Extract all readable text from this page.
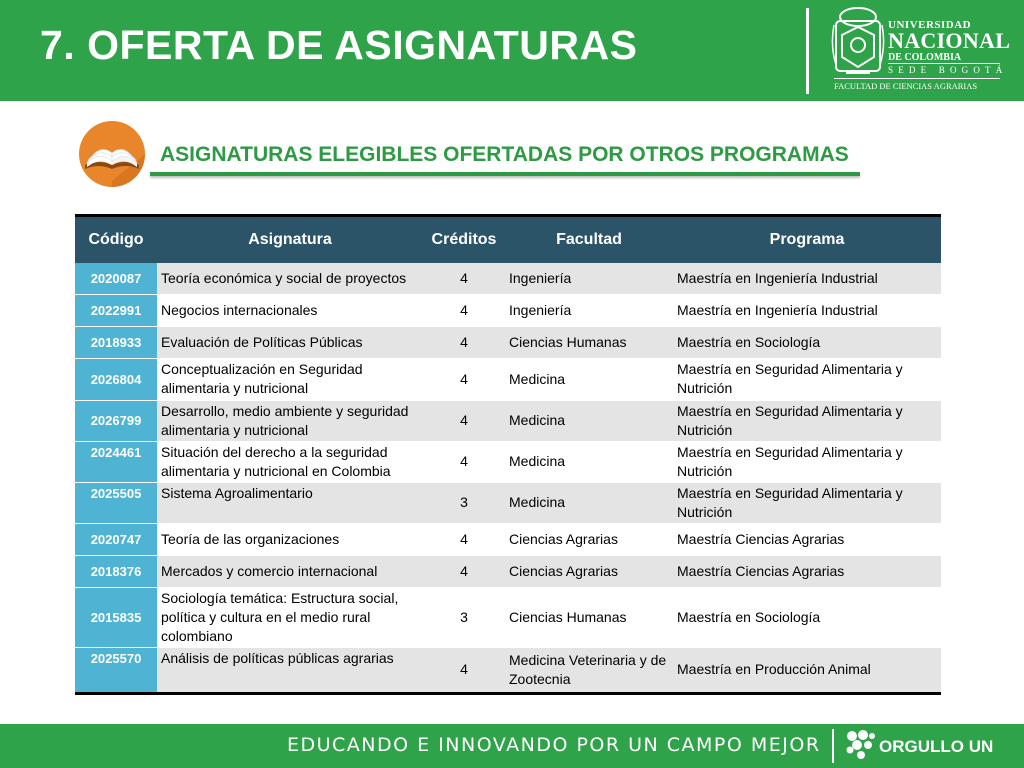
7. OFERTA DE ASIGNATURAS	UNIVERSIDAD
NACIONAL
DE COLOMBIA
SEDE BOGOTÁ
FACULTAD DE CIENCIAS AGRARIAS
ASIGNATURAS ELEGIBLES OFERTADAS POR OTROS PROGRAMAS
Código	Asignatura	Créditos	Facultad	Programa
2020087	Teoría económica y social de proyectos	4	Ingeniería	Maestría en Ingeniería Industrial
2022991	Negocios internacionales	4	Ingeniería	Maestría en Ingeniería Industrial
2018933	Evaluación de Políticas Públicas	4	Ciencias Humanas	Maestría en Sociología
2026804	Conceptualización en Seguridad alimentaria y nutricional	4	Medicina	Maestría en Seguridad Alimentaria y Nutrición
2026799	Desarrollo, medio ambiente y seguridad alimentaria y nutricional	4	Medicina	Maestría en Seguridad Alimentaria y Nutrición
2024461	Situación del derecho a la seguridad alimentaria y nutricional en Colombia	4	Medicina	Maestría en Seguridad Alimentaria y Nutrición
2025505	Sistema Agroalimentario	3	Medicina	Maestría en Seguridad Alimentaria y Nutrición
2020747	Teoría de las organizaciones	4	Ciencias Agrarias	Maestría Ciencias Agrarias
2018376	Mercados y comercio internacional	4	Ciencias Agrarias	Maestría Ciencias Agrarias
2015835	Sociología temática: Estructura social, política y cultura en el medio rural colombiano	3	Ciencias Humanas	Maestría en Sociología
2025570	Análisis de políticas públicas agrarias	4	Medicina Veterinaria y de Zootecnia	Maestría en Producción Animal
EDUCANDO E INNOVANDO POR UN CAMPO MEJOR	ORGULLO UN
